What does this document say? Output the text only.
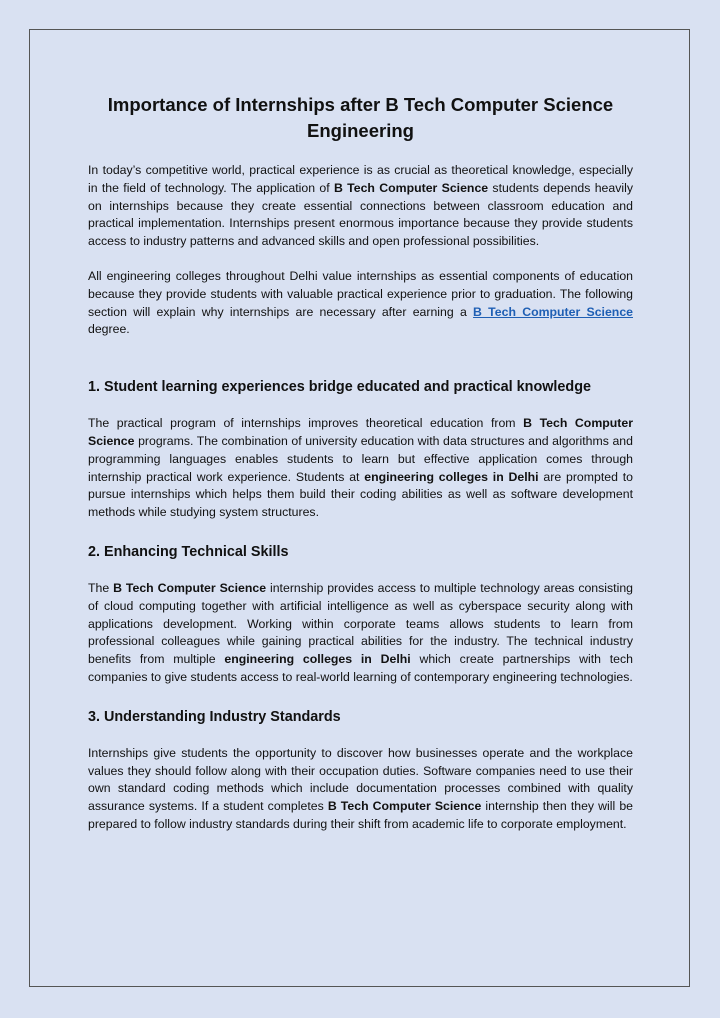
Importance of Internships after B Tech Computer Science Engineering

In today’s competitive world, practical experience is as crucial as theoretical knowledge, especially in the field of technology. The application of B Tech Computer Science students depends heavily on internships because they create essential connections between classroom education and practical implementation. Internships present enormous importance because they provide students access to industry patterns and advanced skills and open professional possibilities.

All engineering colleges throughout Delhi value internships as essential components of education because they provide students with valuable practical experience prior to graduation. The following section will explain why internships are necessary after earning a B Tech Computer Science degree.

1. Student learning experiences bridge educated and practical knowledge

The practical program of internships improves theoretical education from B Tech Computer Science programs. The combination of university education with data structures and algorithms and programming languages enables students to learn but effective application comes through internship practical work experience. Students at engineering colleges in Delhi are prompted to pursue internships which helps them build their coding abilities as well as software development methods while studying system structures.

2. Enhancing Technical Skills

The B Tech Computer Science internship provides access to multiple technology areas consisting of cloud computing together with artificial intelligence as well as cyberspace security along with applications development. Working within corporate teams allows students to learn from professional colleagues while gaining practical abilities for the industry. The technical industry benefits from multiple engineering colleges in Delhi which create partnerships with tech companies to give students access to real-world learning of contemporary engineering technologies.

3. Understanding Industry Standards

Internships give students the opportunity to discover how businesses operate and the workplace values they should follow along with their occupation duties. Software companies need to use their own standard coding methods which include documentation processes combined with quality assurance systems. If a student completes B Tech Computer Science internship then they will be prepared to follow industry standards during their shift from academic life to corporate employment.
